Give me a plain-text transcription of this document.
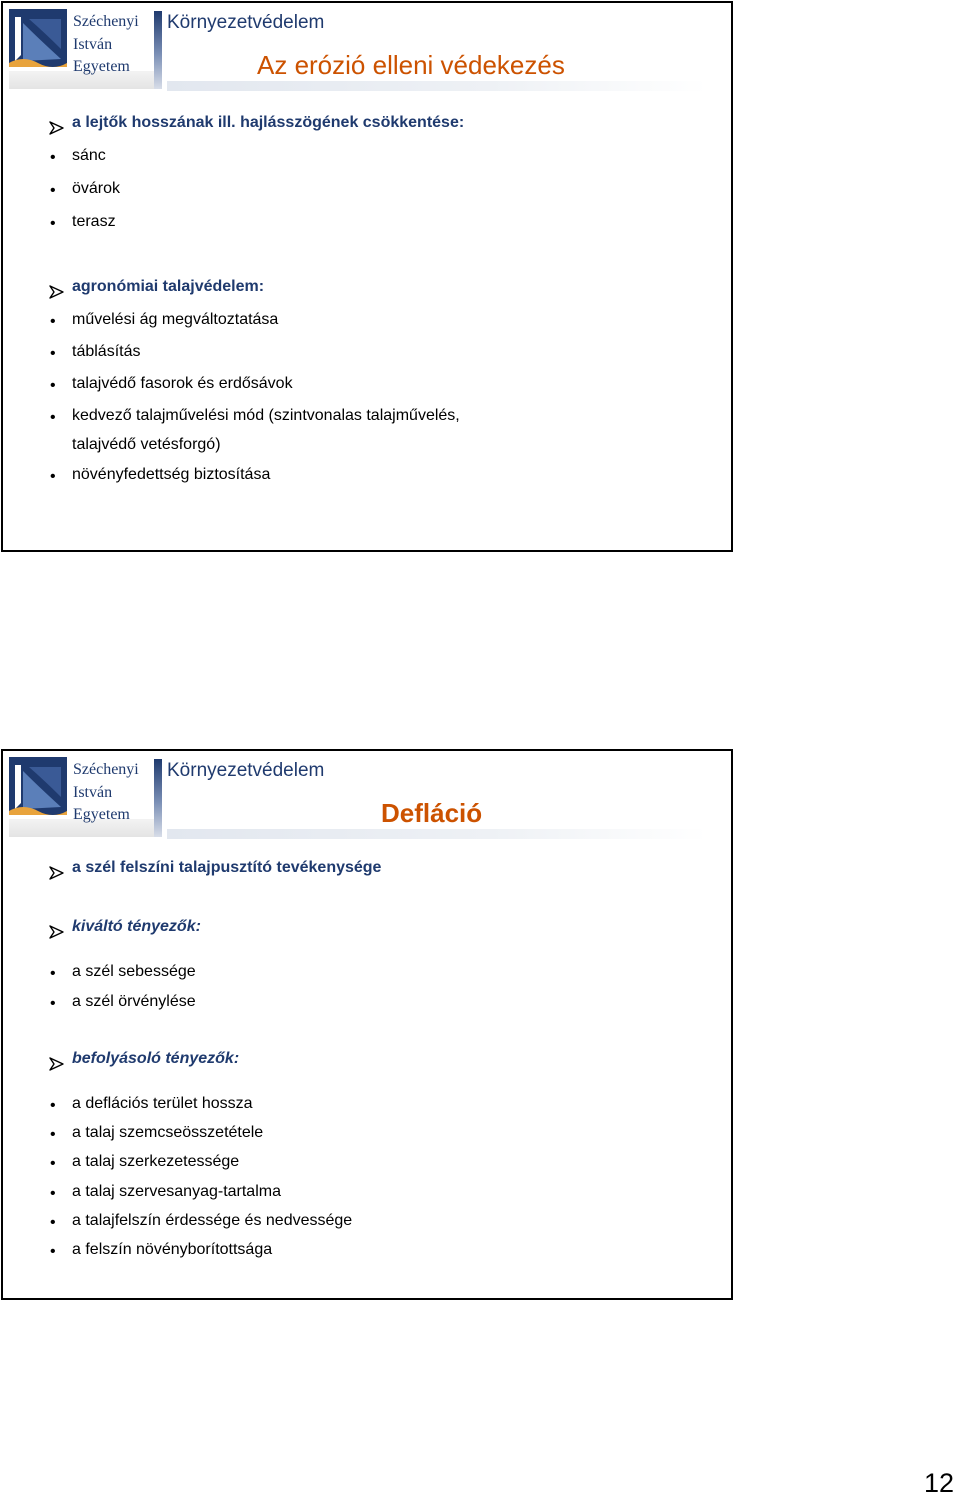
Széchenyi
István
Egyetem
Környezetvédelem
Az erózió elleni védekezés
a lejtők hosszának ill. hajlásszögének csökkentése:
•	sánc
•	övárok
•	terasz
agronómiai talajvédelem:
•	művelési ág megváltoztatása
•	táblásítás
•	talajvédő fasorok és erdősávok
•	kedvező talajművelési mód (szintvonalas talajművelés,
talajvédő vetésforgó)
•	növényfedettség biztosítása
Széchenyi
István
Egyetem
Környezetvédelem
Defláció
a szél felszíni talajpusztító tevékenysége
kiváltó tényezők:
•	a szél sebessége
•	a szél örvénylése
befolyásoló tényezők:
•	a deflációs terület hossza
•	a talaj szemcseösszetétele
•	a talaj szerkezetessége
•	a talaj szervesanyag-tartalma
•	a talajfelszín érdessége és nedvessége
•	a felszín növényborítottsága
12
